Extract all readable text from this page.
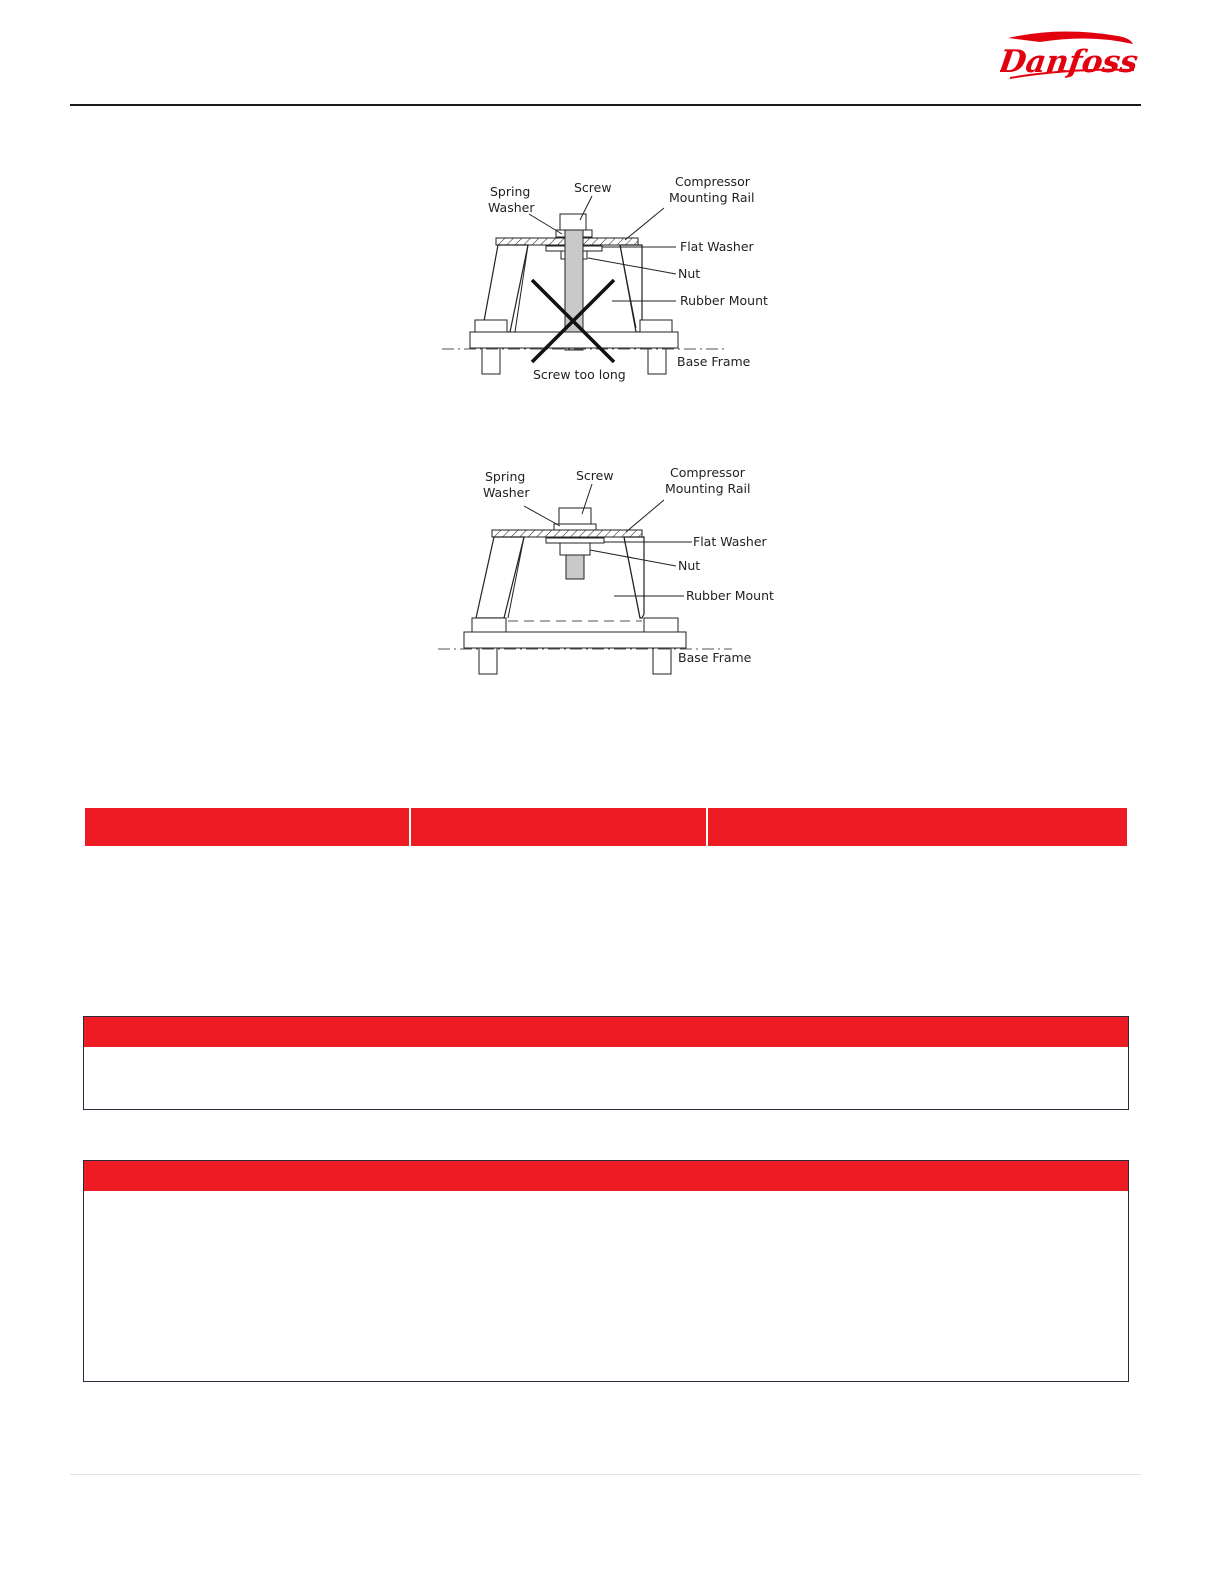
Danfoss
Spring
Washer
Screw	Compressor
Mounting Rail
Flat Washer
Nut
Rubber Mount
Base Frame
Screw too long
Spring
Washer
Screw	Compressor
Mounting Rail
Flat Washer
Nut
Rubber Mount
Base Frame
